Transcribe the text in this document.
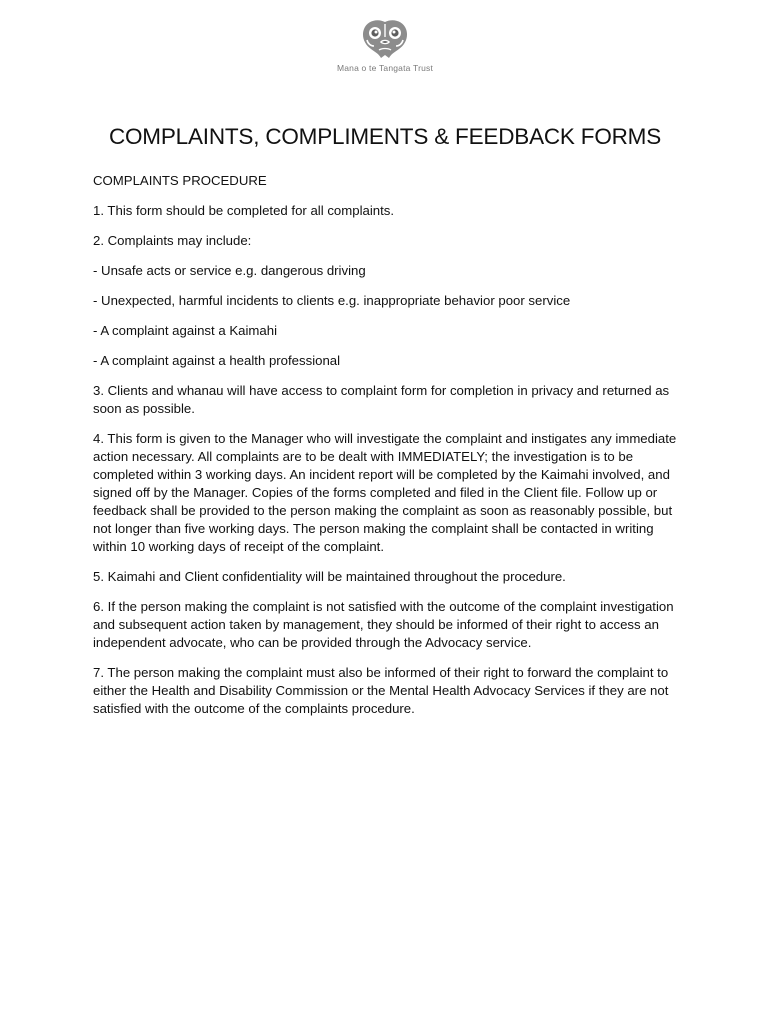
Mana o te Tangata Trust
COMPLAINTS, COMPLIMENTS & FEEDBACK FORMS

COMPLAINTS PROCEDURE

1. This form should be completed for all complaints.

2. Complaints may include:

- Unsafe acts or service e.g. dangerous driving

- Unexpected, harmful incidents to clients e.g. inappropriate behavior poor service

- A complaint against a Kaimahi

- A complaint against a health professional

3. Clients and whanau will have access to complaint form for completion in privacy and returned as soon as possible.

4. This form is given to the Manager who will investigate the complaint and instigates any immediate action necessary. All complaints are to be dealt with IMMEDIATELY; the investigation is to be completed within 3 working days. An incident report will be completed by the Kaimahi involved, and signed off by the Manager. Copies of the forms completed and filed in the Client file. Follow up or feedback shall be provided to the person making the complaint as soon as reasonably possible, but not longer than five working days. The person making the complaint shall be contacted in writing within 10 working days of receipt of the complaint.

5. Kaimahi and Client confidentiality will be maintained throughout the procedure.

6. If the person making the complaint is not satisfied with the outcome of the complaint investigation and subsequent action taken by management, they should be informed of their right to access an independent advocate, who can be provided through the Advocacy service.

7. The person making the complaint must also be informed of their right to forward the complaint to either the Health and Disability Commission or the Mental Health Advocacy Services if they are not satisfied with the outcome of the complaints procedure.
